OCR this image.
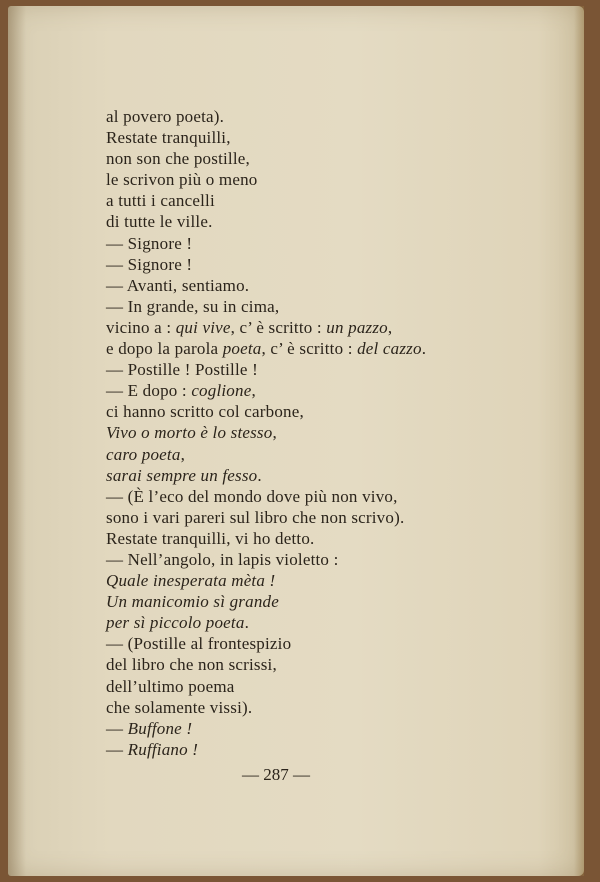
al povero poeta).
Restate tranquilli,
non son che postille,
le scrivon più o meno
a tutti i cancelli
di tutte le ville.
— Signore !
— Signore !
— Avanti, sentiamo.
— In grande, su in cima,
vicino a : qui vive, c’ è scritto : un pazzo,
e dopo la parola poeta, c’ è scritto : del cazzo.
— Postille ! Postille !
— E dopo : coglione,
ci hanno scritto col carbone,
Vivo o morto è lo stesso,
caro poeta,
sarai sempre un fesso.
— (È l’eco del mondo dove più non vivo,
sono i vari pareri sul libro che non scrivo).
Restate tranquilli, vi ho detto.
— Nell’angolo, in lapis violetto :
Quale inesperata mèta !
Un manicomio sì grande
per sì piccolo poeta.
— (Postille al frontespizio
del libro che non scrissi,
dell’ultimo poema
che solamente vissi).
— Buffone !
— Ruffiano !
— 287 —
